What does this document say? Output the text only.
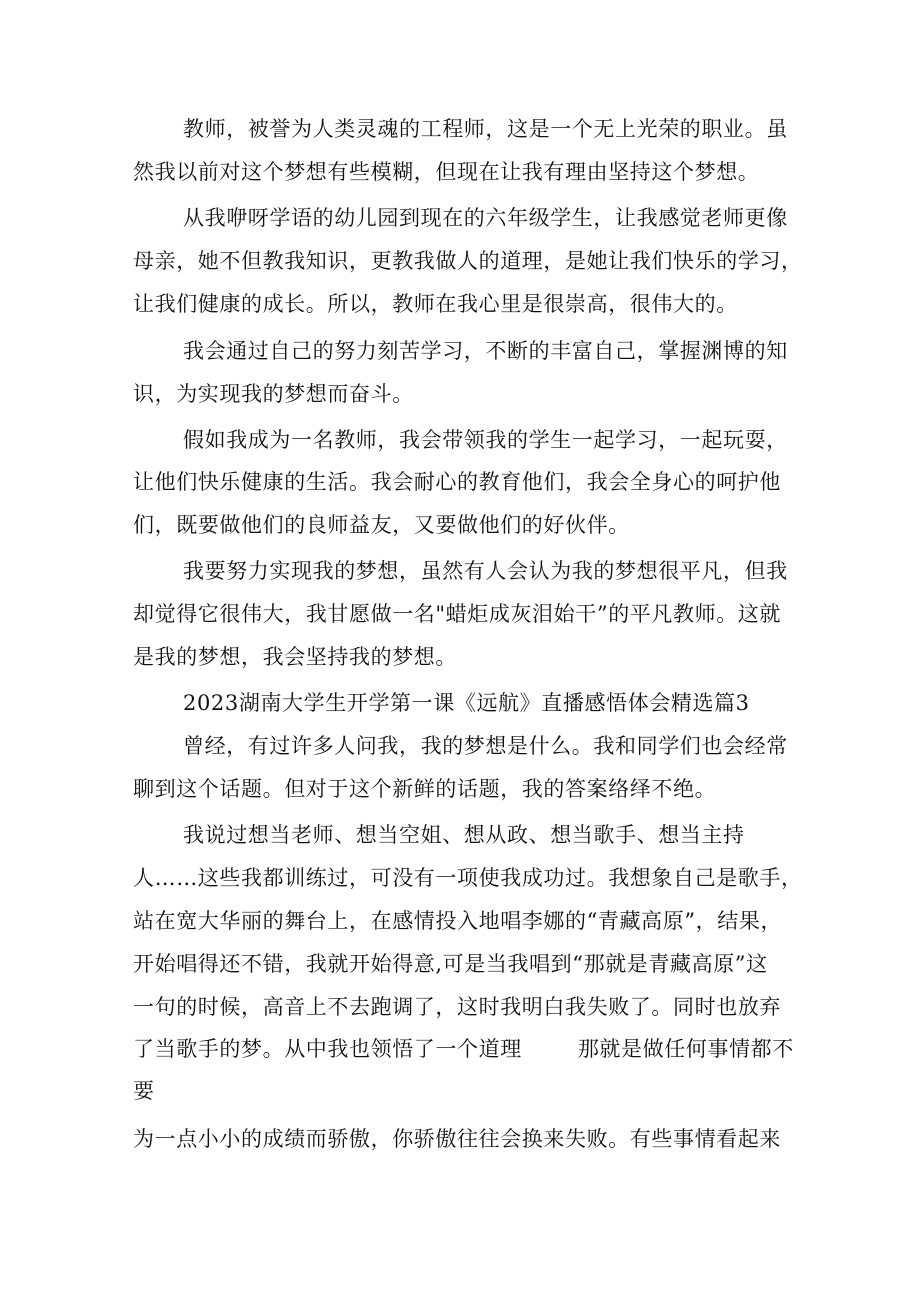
教师，被誉为人类灵魂的工程师，这是一个无上光荣的职业。虽
然我以前对这个梦想有些模糊，但现在让我有理由坚持这个梦想。
从我咿呀学语的幼儿园到现在的六年级学生，让我感觉老师更像
母亲，她不但教我知识，更教我做人的道理，是她让我们快乐的学习，
让我们健康的成长。所以，教师在我心里是很崇高，很伟大的。
我会通过自己的努力刻苦学习，不断的丰富自己，掌握渊博的知
识，为实现我的梦想而奋斗。
假如我成为一名教师，我会带领我的学生一起学习，一起玩耍，
让他们快乐健康的生活。我会耐心的教育他们，我会全身心的呵护他
们，既要做他们的良师益友，又要做他们的好伙伴。
我要努力实现我的梦想，虽然有人会认为我的梦想很平凡，但我
却觉得它很伟大，我甘愿做一名"蜡炬成灰泪始干”的平凡教师。这就
是我的梦想，我会坚持我的梦想。
2023湖南大学生开学第一课《远航》直播感悟体会精选篇3
曾经，有过许多人问我，我的梦想是什么。我和同学们也会经常
聊到这个话题。但对于这个新鲜的话题，我的答案络绎不绝。
我说过想当老师、想当空姐、想从政、想当歌手、想当主持
人……这些我都训练过，可没有一项使我成功过。我想象自己是歌手，
站在宽大华丽的舞台上，在感情投入地唱李娜的“青藏高原”，结果，
开始唱得还不错，我就开始得意,可是当我唱到“那就是青藏高原”这
一句的时候，高音上不去跑调了，这时我明白我失败了。同时也放弃
了当歌手的梦。从中我也领悟了一个道理	那就是做任何事情都不
要
为一点小小的成绩而骄傲，你骄傲往往会换来失败。有些事情看起来
